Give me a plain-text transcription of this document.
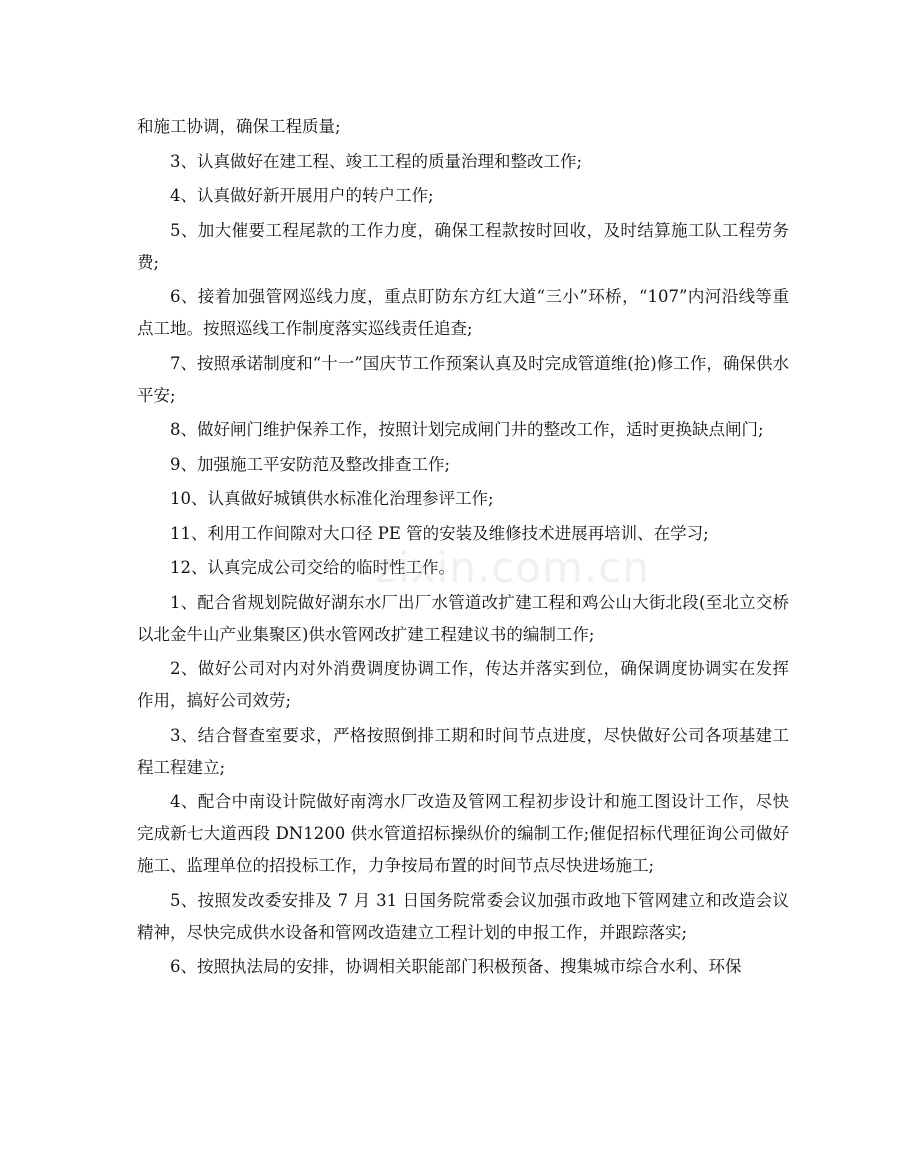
和施工协调，确保工程质量;

3、认真做好在建工程、竣工工程的质量治理和整改工作;

4、认真做好新开展用户的转户工作;

5、加大催要工程尾款的工作力度，确保工程款按时回收，及时结算施工队工程劳务费;

6、接着加强管网巡线力度，重点盯防东方红大道“三小”环桥，“107”内河沿线等重点工地。按照巡线工作制度落实巡线责任追查;

7、按照承诺制度和“十一”国庆节工作预案认真及时完成管道维(抢)修工作，确保供水平安;

8、做好闸门维护保养工作，按照计划完成闸门井的整改工作，适时更换缺点闸门;

9、加强施工平安防范及整改排查工作;

10、认真做好城镇供水标准化治理参评工作;

11、利用工作间隙对大口径 PE 管的安装及维修技术进展再培训、在学习;

12、认真完成公司交给的临时性工作。

1、配合省规划院做好湖东水厂出厂水管道改扩建工程和鸡公山大街北段(至北立交桥以北金牛山产业集聚区)供水管网改扩建工程建议书的编制工作;

2、做好公司对内对外消费调度协调工作，传达并落实到位，确保调度协调实在发挥作用，搞好公司效劳;

3、结合督查室要求，严格按照倒排工期和时间节点进度，尽快做好公司各项基建工程工程建立;

4、配合中南设计院做好南湾水厂改造及管网工程初步设计和施工图设计工作，尽快完成新七大道西段 DN1200 供水管道招标操纵价的编制工作;催促招标代理征询公司做好施工、监理单位的招投标工作，力争按局布置的时间节点尽快进场施工;

5、按照发改委安排及 7 月 31 日国务院常委会议加强市政地下管网建立和改造会议精神，尽快完成供水设备和管网改造建立工程计划的申报工作，并跟踪落实;

6、按照执法局的安排，协调相关职能部门积极预备、搜集城市综合水利、环保

zixin.com.cn
